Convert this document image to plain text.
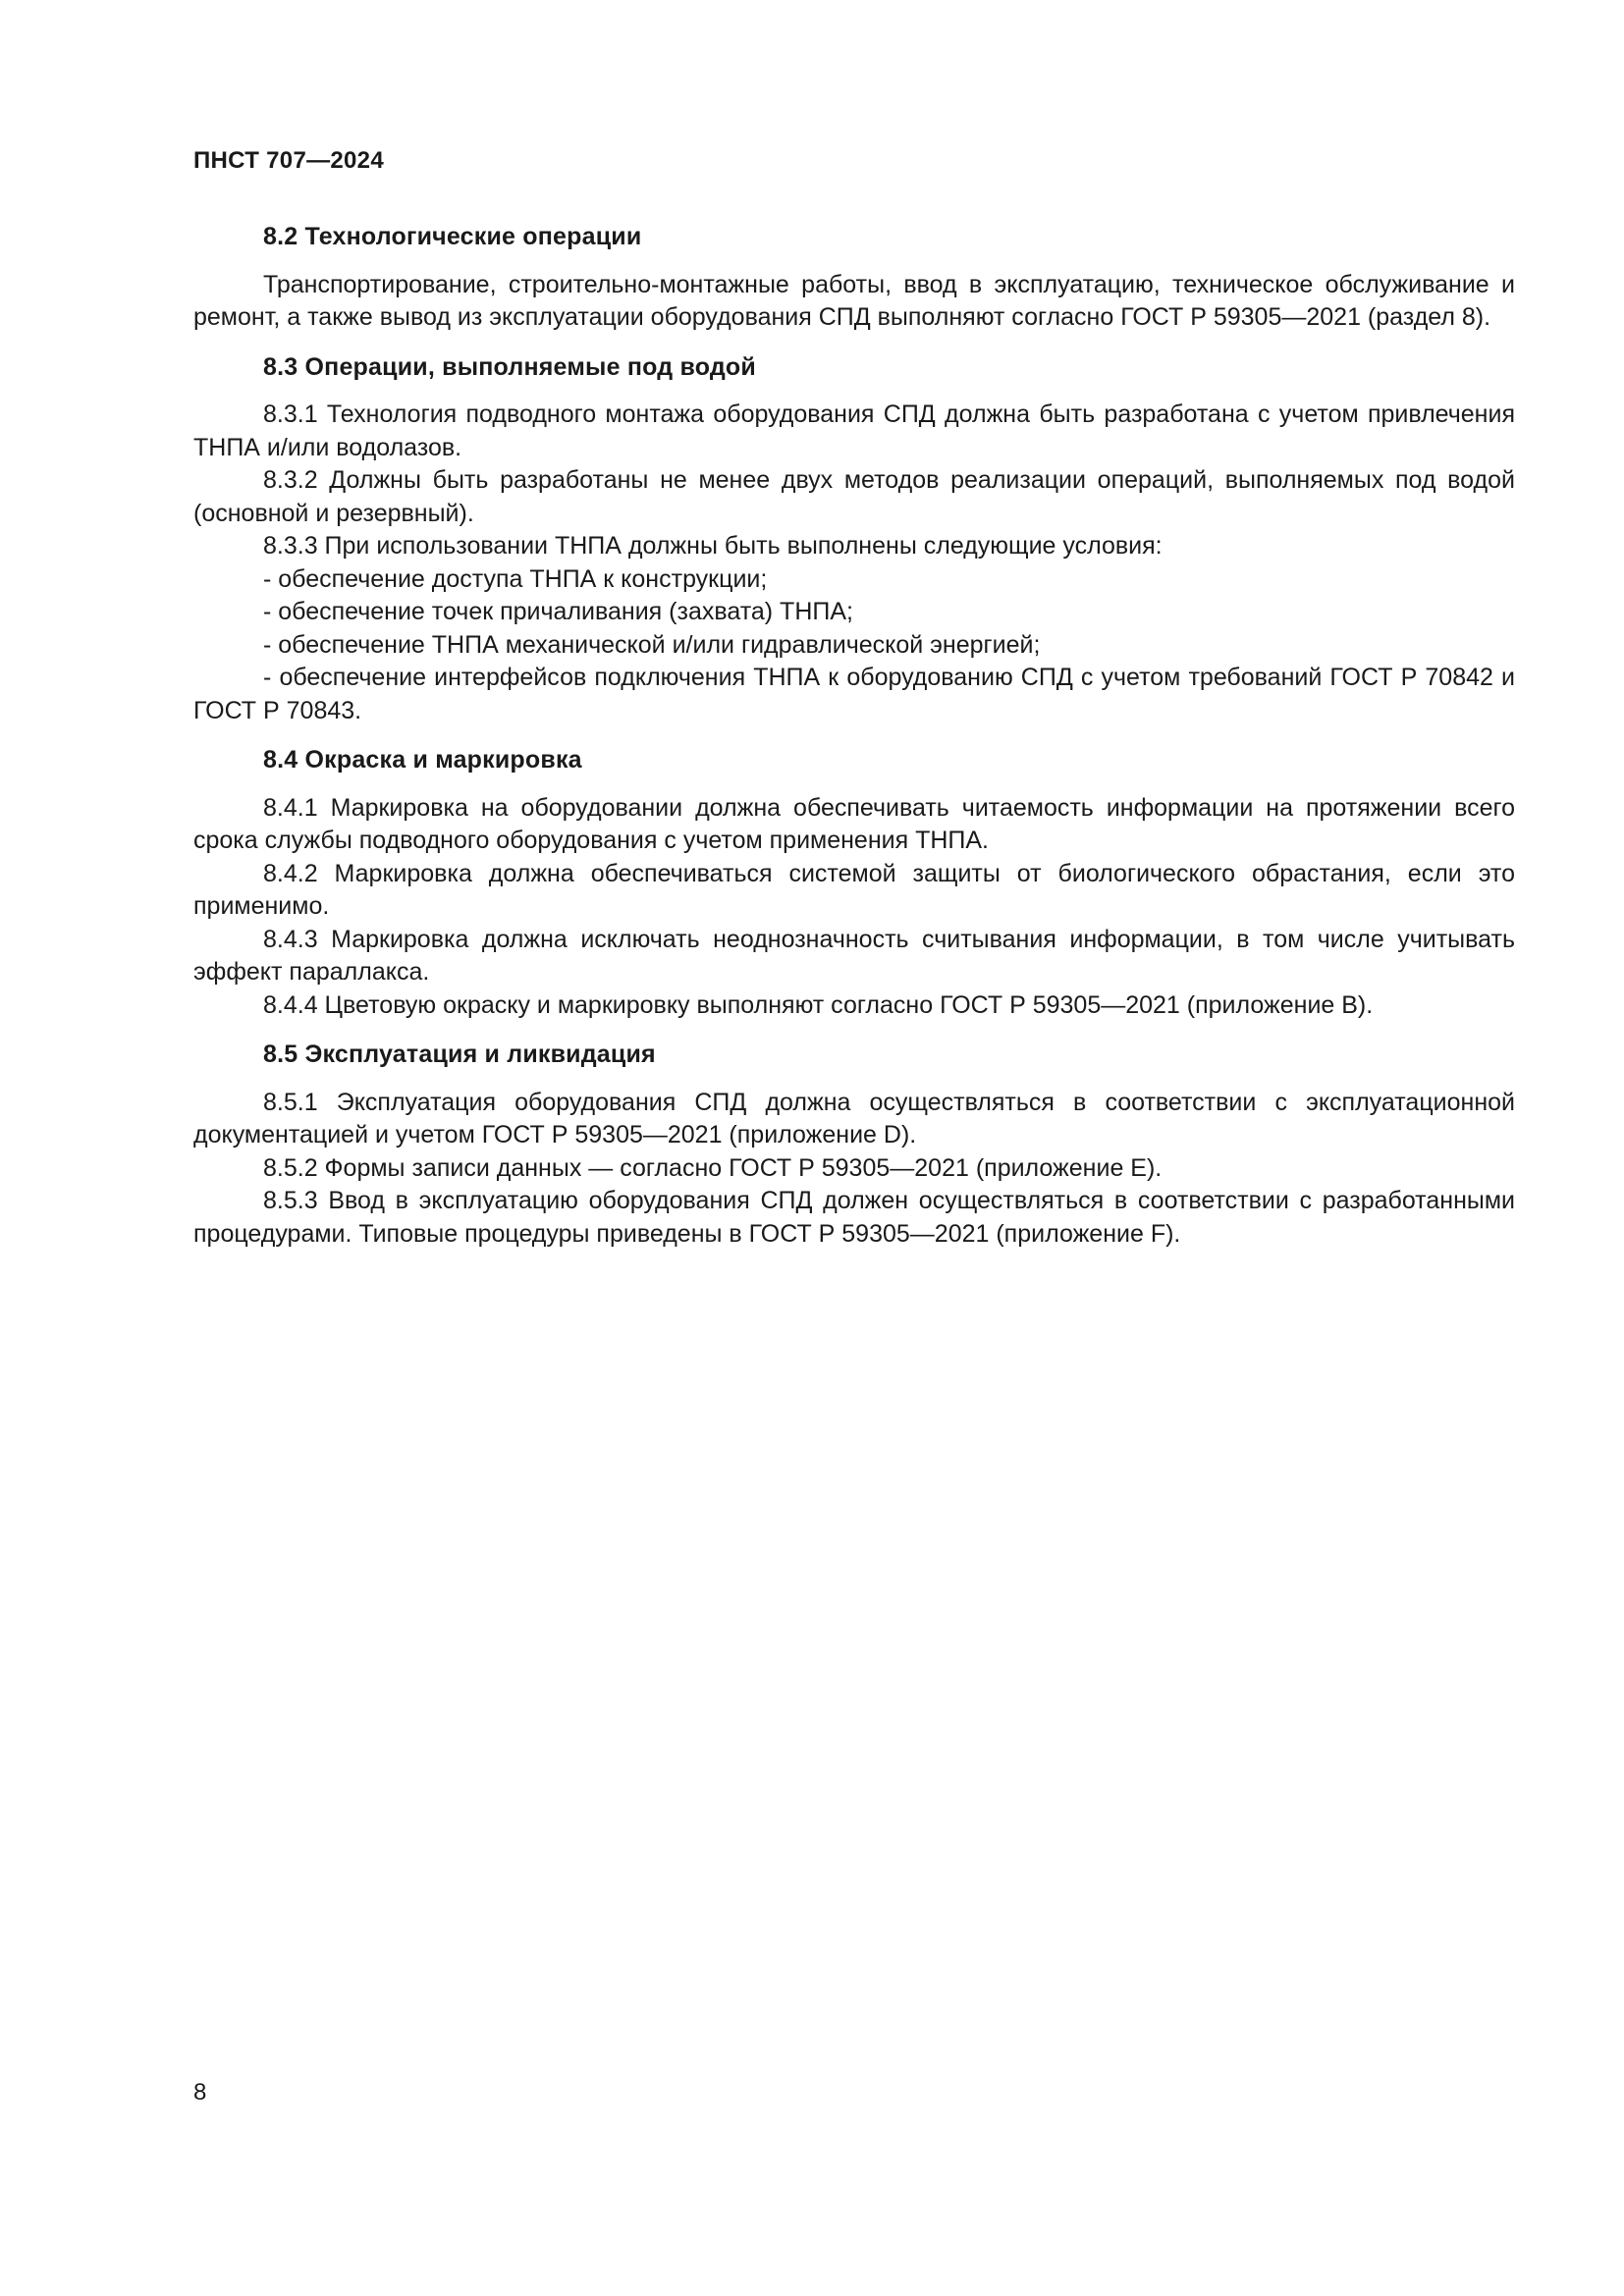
ПНСТ 707—2024

8.2 Технологические операции

Транспортирование, строительно-монтажные работы, ввод в эксплуатацию, техническое обслуживание и ремонт, а также вывод из эксплуатации оборудования СПД выполняют согласно ГОСТ Р 59305—2021 (раздел 8).

8.3 Операции, выполняемые под водой

8.3.1 Технология подводного монтажа оборудования СПД должна быть разработана с учетом привлечения ТНПА и/или водолазов.

8.3.2 Должны быть разработаны не менее двух методов реализации операций, выполняемых под водой (основной и резервный).

8.3.3 При использовании ТНПА должны быть выполнены следующие условия:

- обеспечение доступа ТНПА к конструкции;

- обеспечение точек причаливания (захвата) ТНПА;

- обеспечение ТНПА механической и/или гидравлической энергией;

- обеспечение интерфейсов подключения ТНПА к оборудованию СПД с учетом требований ГОСТ Р 70842 и ГОСТ Р 70843.

8.4 Окраска и маркировка

8.4.1 Маркировка на оборудовании должна обеспечивать читаемость информации на протяжении всего срока службы подводного оборудования с учетом применения ТНПА.

8.4.2 Маркировка должна обеспечиваться системой защиты от биологического обрастания, если это применимо.

8.4.3 Маркировка должна исключать неоднозначность считывания информации, в том числе учитывать эффект параллакса.

8.4.4 Цветовую окраску и маркировку выполняют согласно ГОСТ Р 59305—2021 (приложение В).

8.5 Эксплуатация и ликвидация

8.5.1 Эксплуатация оборудования СПД должна осуществляться в соответствии с эксплуатационной документацией и учетом ГОСТ Р 59305—2021 (приложение D).

8.5.2 Формы записи данных — согласно ГОСТ Р 59305—2021 (приложение Е).

8.5.3 Ввод в эксплуатацию оборудования СПД должен осуществляться в соответствии с разработанными процедурами. Типовые процедуры приведены в ГОСТ Р 59305—2021 (приложение F).

8
